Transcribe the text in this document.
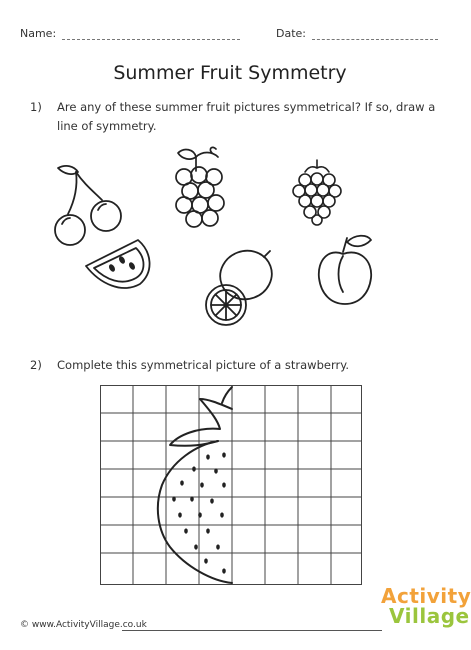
Name:	Date:
Summer Fruit Symmetry
1) Are any of these summer fruit pictures symmetrical? If so, draw a line of symmetry.
2) Complete this symmetrical picture of a strawberry.
© www.ActivityVillage.co.uk
Activity
Village
